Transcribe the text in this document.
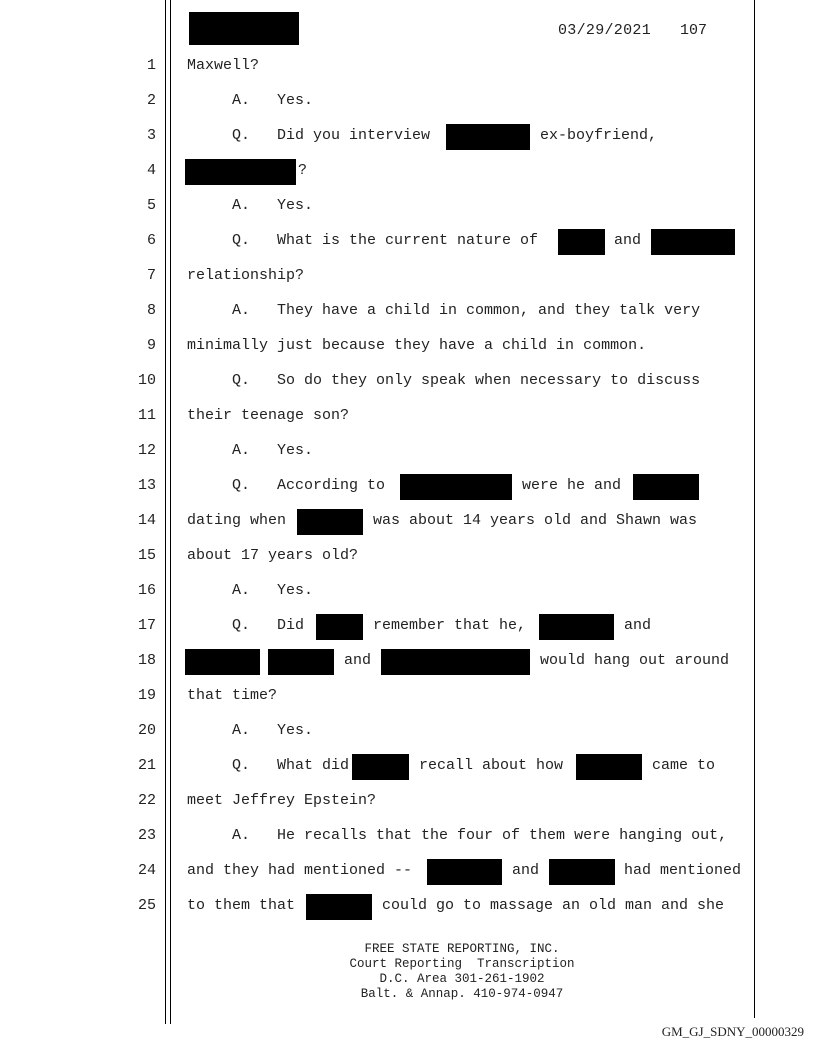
03/29/2021 107
1
2
3
4
5
6
7
8
9
10
11
12
13
14
15
16
17
18
19
20
21
22
23
24
25
Maxwell?
A.   Yes.
Q.   Did you interview	ex-boyfriend,
?
A.   Yes.
Q.   What is the current nature of	and
relationship?
A.   They have a child in common, and they talk very
minimally just because they have a child in common.
Q.   So do they only speak when necessary to discuss
their teenage son?
A.   Yes.
Q.   According to	were he and
dating when	was about 14 years old and Shawn was
about 17 years old?
A.   Yes.
Q.   Did	remember that he,	and
and	would hang out around
that time?
A.   Yes.
Q.   What did	recall about how	came to
meet Jeffrey Epstein?
A.   He recalls that the four of them were hanging out,
and they had mentioned --	and	had mentioned
to them that	could go to massage an old man and she
FREE STATE REPORTING, INC.
Court Reporting  Transcription
D.C. Area 301-261-1902
Balt. & Annap. 410-974-0947
GM_GJ_SDNY_00000329
